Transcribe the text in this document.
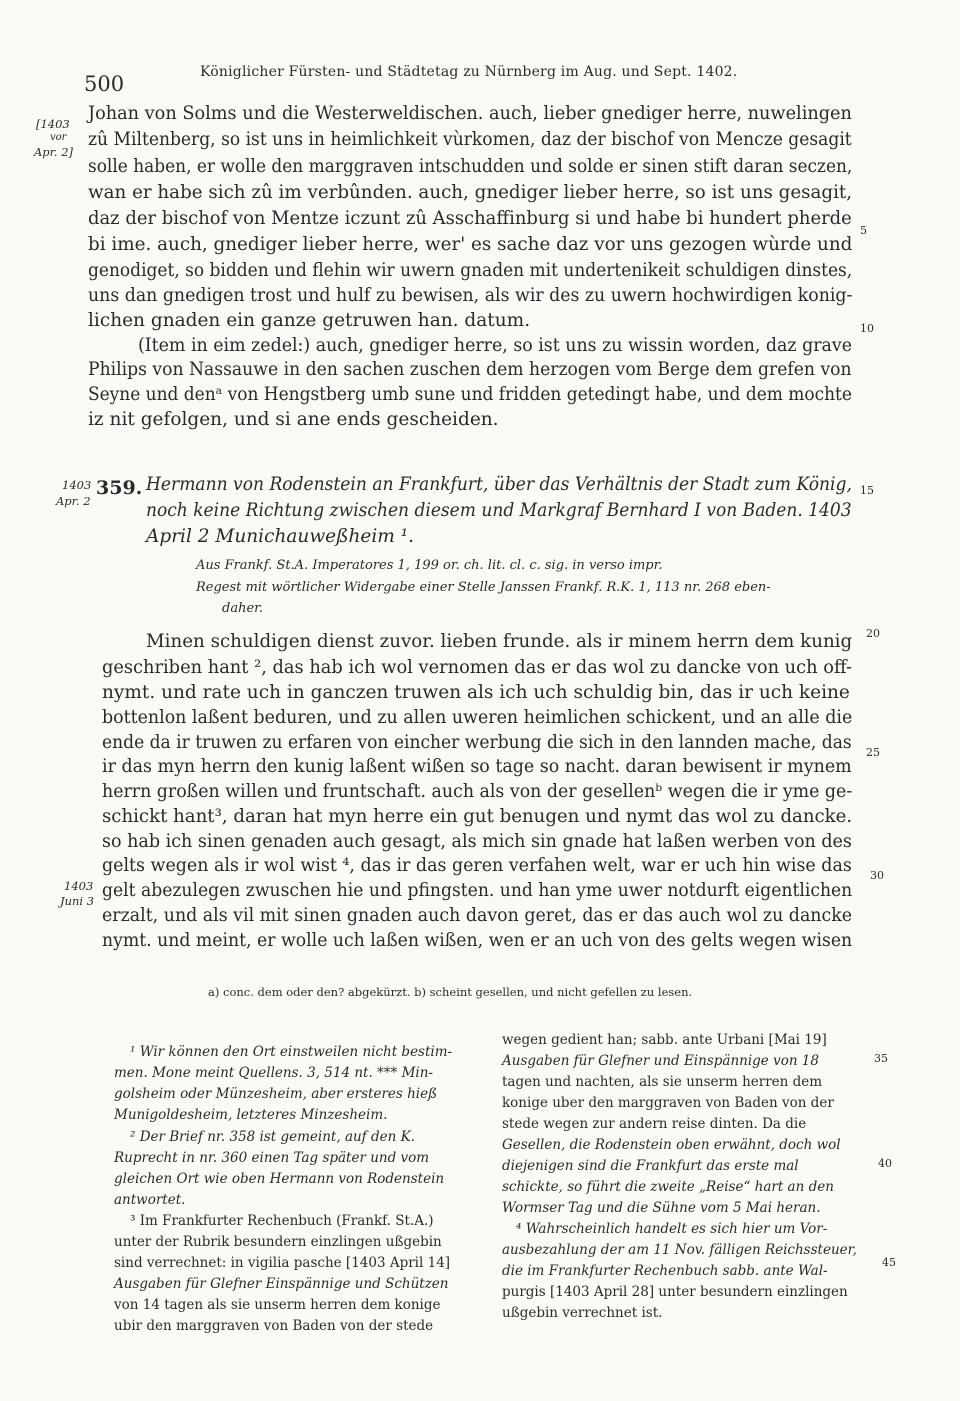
500	Königlicher Fürsten- und Städtetag zu Nürnberg im Aug. und Sept. 1402.
[1403
vor
Apr. 2]
1403
Apr. 2
1403
Juni 3
5
10
15
20
25
30
35
40
45
Johan von Solms und die Westerweldischen. auch, lieber gnediger herre, nuwelingen
zû Miltenberg, so ist uns in heimlichkeit vùrkomen, daz der bischof von Mencze gesagit
solle haben, er wolle den marggraven intschudden und solde er sinen stift daran seczen,
wan er habe sich zû im verbûnden. auch, gnediger lieber herre, so ist uns gesagit,
daz der bischof von Mentze iczunt zû Asschaffinburg si und habe bi hundert pherde
bi ime. auch, gnediger lieber herre, wer' es sache daz vor uns gezogen wùrde und
genodiget, so bidden und flehin wir uwern gnaden mit undertenikeit schuldigen dinstes,
uns dan gnedigen trost und hulf zu bewisen, als wir des zu uwern hochwirdigen konig-
lichen gnaden ein ganze getruwen han. datum.
(Item in eim zedel:) auch, gnediger herre, so ist uns zu wissin worden, daz grave
Philips von Nassauwe in den sachen zuschen dem herzogen vom Berge dem grefen von
Seyne und denᵃ von Hengstberg umb sune und fridden getedingt habe, und dem mochte
iz nit gefolgen, und si ane ends gescheiden.
359. Hermann von Rodenstein an Frankfurt, über das Verhältnis der Stadt zum König,
noch keine Richtung zwischen diesem und Markgraf Bernhard I von Baden. 1403
April 2 Munichauweßheim ¹.
Aus Frankf. St.A. Imperatores 1, 199 or. ch. lit. cl. c. sig. in verso impr.
Regest mit wörtlicher Widergabe einer Stelle Janssen Frankf. R.K. 1, 113 nr. 268 eben-
daher.
Minen schuldigen dienst zuvor. lieben frunde. als ir minem herrn dem kunig
geschriben hant ², das hab ich wol vernomen das er das wol zu dancke von uch off-
nymt. und rate uch in ganczen truwen als ich uch schuldig bin, das ir uch keine
bottenlon laßent beduren, und zu allen uweren heimlichen schickent, und an alle die
ende da ir truwen zu erfaren von eincher werbung die sich in den lannden mache, das
ir das myn herrn den kunig laßent wißen so tage so nacht. daran bewisent ir mynem
herrn großen willen und fruntschaft. auch als von der gesellenᵇ wegen die ir yme ge-
schickt hant³, daran hat myn herre ein gut benugen und nymt das wol zu dancke.
so hab ich sinen genaden auch gesagt, als mich sin gnade hat laßen werben von des
gelts wegen als ir wol wist ⁴, das ir das geren verfahen welt, war er uch hin wise das
gelt abezulegen zwuschen hie und pfingsten. und han yme uwer notdurft eigentlichen
erzalt, und als vil mit sinen gnaden auch davon geret, das er das auch wol zu dancke
nymt. und meint, er wolle uch laßen wißen, wen er an uch von des gelts wegen wisen
a) conc. dem oder den? abgekürzt. b) scheint gesellen, und nicht gefellen zu lesen.
¹ Wir können den Ort einstweilen nicht bestim-
men. Mone meint Quellens. 3, 514 nt. *** Min-
golsheim oder Münzesheim, aber ersteres hieß
Munigoldesheim, letzteres Minzesheim.
² Der Brief nr. 358 ist gemeint, auf den K.
Ruprecht in nr. 360 einen Tag später und vom
gleichen Ort wie oben Hermann von Rodenstein
antwortet.
³ Im Frankfurter Rechenbuch (Frankf. St.A.)
unter der Rubrik besundern einzlingen ußgebin
sind verrechnet: in vigilia pasche [1403 April 14]
Ausgaben für Glefner Einspännige und Schützen
von 14 tagen als sie unserm herren dem konige
ubir den marggraven von Baden von der stede
wegen gedient han; sabb. ante Urbani [Mai 19]
Ausgaben für Glefner und Einspännige von 18
tagen und nachten, als sie unserm herren dem
konige uber den marggraven von Baden von der
stede wegen zur andern reise dinten. Da die
Gesellen, die Rodenstein oben erwähnt, doch wol
diejenigen sind die Frankfurt das erste mal
schickte, so führt die zweite „Reise“ hart an den
Wormser Tag und die Sühne vom 5 Mai heran.
⁴ Wahrscheinlich handelt es sich hier um Vor-
ausbezahlung der am 11 Nov. fälligen Reichssteuer,
die im Frankfurter Rechenbuch sabb. ante Wal-
purgis [1403 April 28] unter besundern einzlingen
ußgebin verrechnet ist.
